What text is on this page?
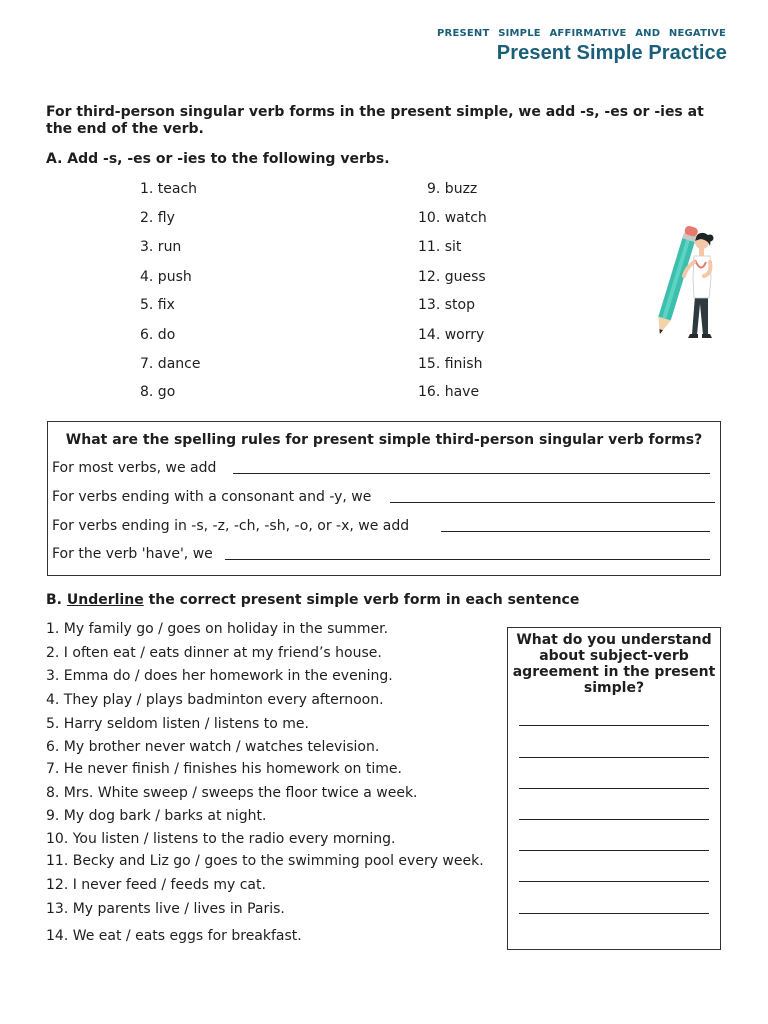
PRESENT SIMPLE AFFIRMATIVE AND NEGATIVE
Present Simple Practice
For third-person singular verb forms in the present simple, we add -s, -es or -ies at the end of the verb.
A. Add -s, -es or -ies to the following verbs.
1. teach
2. fly
3. run
4. push
5. fix
6. do
7. dance
8. go
9. buzz
10. watch
11. sit
12. guess
13. stop
14. worry
15. finish
16. have
What are the spelling rules for present simple third-person singular verb forms?
For most verbs, we add
For verbs ending with a consonant and -y, we
For verbs ending in -s, -z, -ch, -sh, -o, or -x, we add
For the verb 'have', we
B. Underline the correct present simple verb form in each sentence
1. My family go / goes on holiday in the summer.
2. I often eat / eats dinner at my friend’s house.
3. Emma do / does her homework in the evening.
4. They play / plays badminton every afternoon.
5. Harry seldom listen / listens to me.
6. My brother never watch / watches television.
7. He never finish / finishes his homework on time.
8. Mrs. White sweep / sweeps the floor twice a week.
9. My dog bark / barks at night.
10. You listen / listens to the radio every morning.
11. Becky and Liz go / goes to the swimming pool every week.
12. I never feed / feeds my cat.
13. My parents live / lives in Paris.
14. We eat / eats eggs for breakfast.
What do you understand about subject-verb agreement in the present simple?
